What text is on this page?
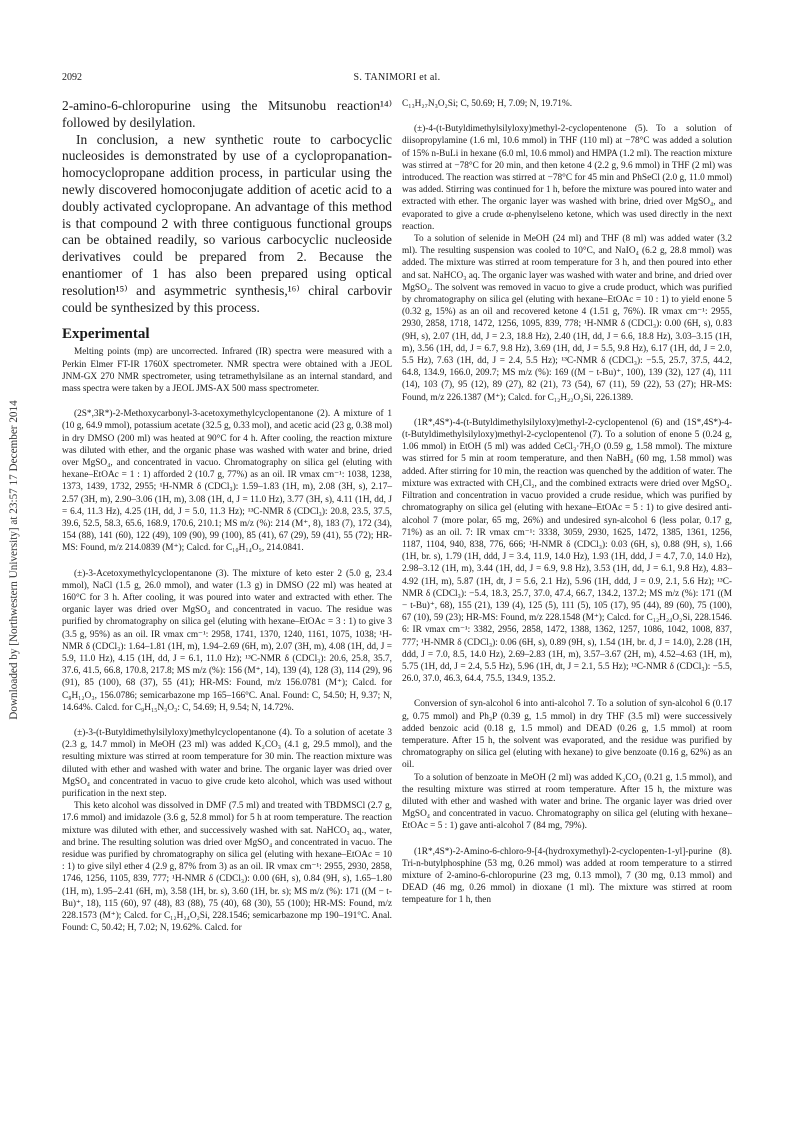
2092	S. TANIMORI et al.
Downloaded by [Northwestern University] at 23:57 17 December 2014

2-amino-6-chloropurine using the Mitsunobu reaction¹⁴⁾ followed by desilylation.

In conclusion, a new synthetic route to carbocyclic nucleosides is demonstrated by use of a cyclopropanation-homocyclopropane addition process, in particular using the newly discovered homoconjugate addition of acetic acid to a doubly activated cyclopropane. An advantage of this method is that compound 2 with three contiguous functional groups can be obtained readily, so various carbocyclic nucleoside derivatives could be prepared from 2. Because the enantiomer of 1 has also been prepared using optical resolution¹⁵⁾ and asymmetric synthesis,¹⁶⁾ chiral carbovir could be synthesized by this process.

Experimental

Melting points (mp) are uncorrected. Infrared (IR) spectra were measured with a Perkin Elmer FT-IR 1760X spectrometer. NMR spectra were obtained with a JEOL JNM-GX 270 NMR spectrometer, using tetramethylsilane as an internal standard, and mass spectra were taken by a JEOL JMS-AX 500 mass spectrometer.

(2S*,3R*)-2-Methoxycarbonyl-3-acetoxymethylcyclopentanone (2). A mixture of 1 (10 g, 64.9 mmol), potassium acetate (32.5 g, 0.33 mol), and acetic acid (23 g, 0.38 mol) in dry DMSO (200 ml) was heated at 90°C for 4 h. After cooling, the reaction mixture was diluted with ether, and the organic phase was washed with water and brine, dried over MgSO₄, and concentrated in vacuo. Chromatography on silica gel (eluting with hexane–EtOAc = 1 : 1) afforded 2 (10.7 g, 77%) as an oil. IR νmax cm⁻¹: 1038, 1238, 1373, 1439, 1732, 2955; ¹H-NMR δ (CDCl₃): 1.59–1.83 (1H, m), 2.08 (3H, s), 2.17–2.57 (3H, m), 2.90–3.06 (1H, m), 3.08 (1H, d, J = 11.0 Hz), 3.77 (3H, s), 4.11 (1H, dd, J = 6.4, 11.3 Hz), 4.25 (1H, dd, J = 5.0, 11.3 Hz); ¹³C-NMR δ (CDCl₃): 20.8, 23.5, 37.5, 39.6, 52.5, 58.3, 65.6, 168.9, 170.6, 210.1; MS m/z (%): 214 (M⁺, 8), 183 (7), 172 (34), 154 (88), 141 (60), 122 (49), 109 (90), 99 (100), 85 (41), 67 (29), 59 (41), 55 (72); HR-MS: Found, m/z 214.0839 (M⁺); Calcd. for C₁₀H₁₄O₅, 214.0841.

(±)-3-Acetoxymethylcyclopentanone (3). The mixture of keto ester 2 (5.0 g, 23.4 mmol), NaCl (1.5 g, 26.0 mmol), and water (1.3 g) in DMSO (22 ml) was heated at 160°C for 3 h. After cooling, it was poured into water and extracted with ether. The organic layer was dried over MgSO₄ and concentrated in vacuo. The residue was purified by chromatography on silica gel (eluting with hexane–EtOAc = 3 : 1) to give 3 (3.5 g, 95%) as an oil. IR νmax cm⁻¹: 2958, 1741, 1370, 1240, 1161, 1075, 1038; ¹H-NMR δ (CDCl₃): 1.64–1.81 (1H, m), 1.94–2.69 (6H, m), 2.07 (3H, m), 4.08 (1H, dd, J = 5.9, 11.0 Hz), 4.15 (1H, dd, J = 6.1, 11.0 Hz); ¹³C-NMR δ (CDCl₃): 20.6, 25.8, 35.7, 37.6, 41.5, 66.8, 170.8, 217.8; MS m/z (%): 156 (M⁺, 14), 139 (4), 128 (3), 114 (29), 96 (91), 85 (100), 68 (37), 55 (41); HR-MS: Found, m/z 156.0781 (M⁺); Calcd. for C₈H₁₂O₃, 156.0786; semicarbazone mp 165–166°C. Anal. Found: C, 54.50; H, 9.37; N, 14.64%. Calcd. for C₉H₁₅N₃O₃: C, 54.69; H, 9.54; N, 14.72%.

(±)-3-(t-Butyldimethylsilyloxy)methylcyclopentanone (4). To a solution of acetate 3 (2.3 g, 14.7 mmol) in MeOH (23 ml) was added K₂CO₃ (4.1 g, 29.5 mmol), and the resulting mixture was stirred at room temperature for 30 min. The reaction mixture was diluted with ether and washed with water and brine. The organic layer was dried over MgSO₄ and concentrated in vacuo to give crude keto alcohol, which was used without purification in the next step.

This keto alcohol was dissolved in DMF (7.5 ml) and treated with TBDMSCl (2.7 g, 17.6 mmol) and imidazole (3.6 g, 52.8 mmol) for 5 h at room temperature. The reaction mixture was diluted with ether, and successively washed with sat. NaHCO₃ aq., water, and brine. The resulting solution was dried over MgSO₄ and concentrated in vacuo. The residue was purified by chromatography on silica gel (eluting with hexane–EtOAc = 10 : 1) to give silyl ether 4 (2.9 g, 87% from 3) as an oil. IR νmax cm⁻¹: 2955, 2930, 2858, 1746, 1256, 1105, 839, 777; ¹H-NMR δ (CDCl₃): 0.00 (6H, s), 0.84 (9H, s), 1.65–1.80 (1H, m), 1.95–2.41 (6H, m), 3.58 (1H, br. s), 3.60 (1H, br. s); MS m/z (%): 171 ((M − t-Bu)⁺, 18), 115 (60), 97 (48), 83 (88), 75 (40), 68 (30), 55 (100); HR-MS: Found, m/z 228.1573 (M⁺); Calcd. for C₁₂H₂₄O₂Si, 228.1546; semicarbazone mp 190–191°C. Anal. Found: C, 50.42; H, 7.02; N, 19.62%. Calcd. for

C₁₃H₂₇N₃O₂Si; C, 50.69; H, 7.09; N, 19.71%.

(±)-4-(t-Butyldimethylsilyloxy)methyl-2-cyclopentenone (5). To a solution of diisopropylamine (1.6 ml, 10.6 mmol) in THF (110 ml) at −78°C was added a solution of 15% n-BuLi in hexane (6.0 ml, 10.6 mmol) and HMPA (1.2 ml). The reaction mixture was stirred at −78°C for 20 min, and then ketone 4 (2.2 g, 9.6 mmol) in THF (2 ml) was introduced. The reaction was stirred at −78°C for 45 min and PhSeCl (2.0 g, 11.0 mmol) was added. Stirring was continued for 1 h, before the mixture was poured into water and extracted with ether. The organic layer was washed with brine, dried over MgSO₄, and evaporated to give a crude α-phenylseleno ketone, which was used directly in the next reaction.

To a solution of selenide in MeOH (24 ml) and THF (8 ml) was added water (3.2 ml). The resulting suspension was cooled to 10°C, and NaIO₄ (6.2 g, 28.8 mmol) was added. The mixture was stirred at room temperature for 3 h, and then poured into ether and sat. NaHCO₃ aq. The organic layer was washed with water and brine, and dried over MgSO₄. The solvent was removed in vacuo to give a crude product, which was purified by chromatography on silica gel (eluting with hexane–EtOAc = 10 : 1) to yield enone 5 (0.32 g, 15%) as an oil and recovered ketone 4 (1.51 g, 76%). IR νmax cm⁻¹: 2955, 2930, 2858, 1718, 1472, 1256, 1095, 839, 778; ¹H-NMR δ (CDCl₃): 0.00 (6H, s), 0.83 (9H, s), 2.07 (1H, dd, J = 2.3, 18.8 Hz), 2.40 (1H, dd, J = 6.6, 18.8 Hz), 3.03–3.15 (1H, m), 3.56 (1H, dd, J = 6.7, 9.8 Hz), 3.69 (1H, dd, J = 5.5, 9.8 Hz), 6.17 (1H, dd, J = 2.0, 5.5 Hz), 7.63 (1H, dd, J = 2.4, 5.5 Hz); ¹³C-NMR δ (CDCl₃): −5.5, 25.7, 37.5, 44.2, 64.8, 134.9, 166.0, 209.7; MS m/z (%): 169 ((M − t-Bu)⁺, 100), 139 (32), 127 (4), 111 (14), 103 (7), 95 (12), 89 (27), 82 (21), 73 (54), 67 (11), 59 (22), 53 (27); HR-MS: Found, m/z 226.1387 (M⁺); Calcd. for C₁₂H₂₂O₂Si, 226.1389.

(1R*,4S*)-4-(t-Butyldimethylsilyloxy)methyl-2-cyclopentenol (6) and (1S*,4S*)-4-(t-Butyldimethylsilyloxy)methyl-2-cyclopentenol (7). To a solution of enone 5 (0.24 g, 1.06 mmol) in EtOH (5 ml) was added CeCl₃·7H₂O (0.59 g, 1.58 mmol). The mixture was stirred for 5 min at room temperature, and then NaBH₄ (60 mg, 1.58 mmol) was added. After stirring for 10 min, the reaction was quenched by the addition of water. The mixture was extracted with CH₂Cl₂, and the combined extracts were dried over MgSO₄. Filtration and concentration in vacuo provided a crude residue, which was purified by chromatography on silica gel (eluting with hexane–EtOAc = 5 : 1) to give desired anti-alcohol 7 (more polar, 65 mg, 26%) and undesired syn-alcohol 6 (less polar, 0.17 g, 71%) as an oil. 7: IR νmax cm⁻¹: 3338, 3059, 2930, 1625, 1472, 1385, 1361, 1256, 1187, 1104, 940, 838, 776, 666; ¹H-NMR δ (CDCl₃): 0.03 (6H, s), 0.88 (9H, s), 1.66 (1H, br. s), 1.79 (1H, ddd, J = 3.4, 11.9, 14.0 Hz), 1.93 (1H, ddd, J = 4.7, 7.0, 14.0 Hz), 2.98–3.12 (1H, m), 3.44 (1H, dd, J = 6.9, 9.8 Hz), 3.53 (1H, dd, J = 6.1, 9.8 Hz), 4.83–4.92 (1H, m), 5.87 (1H, dt, J = 5.6, 2.1 Hz), 5.96 (1H, ddd, J = 0.9, 2.1, 5.6 Hz); ¹³C-NMR δ (CDCl₃): −5.4, 18.3, 25.7, 37.0, 47.4, 66.7, 134.2, 137.2; MS m/z (%): 171 ((M − t-Bu)⁺, 68), 155 (21), 139 (4), 125 (5), 111 (5), 105 (17), 95 (44), 89 (60), 75 (100), 67 (10), 59 (23); HR-MS: Found, m/z 228.1548 (M⁺); Calcd. for C₁₂H₂₄O₂Si, 228.1546. 6: IR νmax cm⁻¹: 3382, 2956, 2858, 1472, 1388, 1362, 1257, 1086, 1042, 1008, 837, 777; ¹H-NMR δ (CDCl₃): 0.06 (6H, s), 0.89 (9H, s), 1.54 (1H, br. d, J = 14.0), 2.28 (1H, ddd, J = 7.0, 8.5, 14.0 Hz), 2.69–2.83 (1H, m), 3.57–3.67 (2H, m), 4.52–4.63 (1H, m), 5.75 (1H, dd, J = 2.4, 5.5 Hz), 5.96 (1H, dt, J = 2.1, 5.5 Hz); ¹³C-NMR δ (CDCl₃): −5.5, 26.0, 37.0, 46.3, 64.4, 75.5, 134.9, 135.2.

Conversion of syn-alcohol 6 into anti-alcohol 7. To a solution of syn-alcohol 6 (0.17 g, 0.75 mmol) and Ph₃P (0.39 g, 1.5 mmol) in dry THF (3.5 ml) were successively added benzoic acid (0.18 g, 1.5 mmol) and DEAD (0.26 g, 1.5 mmol) at room temperature. After 15 h, the solvent was evaporated, and the residue was purified by chromatography on silica gel (eluting with hexane) to give benzoate (0.16 g, 62%) as an oil.

To a solution of benzoate in MeOH (2 ml) was added K₂CO₃ (0.21 g, 1.5 mmol), and the resulting mixture was stirred at room temperature. After 15 h, the mixture was diluted with ether and washed with water and brine. The organic layer was dried over MgSO₄ and concentrated in vacuo. Chromatography on silica gel (eluting with hexane–EtOAc = 5 : 1) gave anti-alcohol 7 (84 mg, 79%).

(1R*,4S*)-2-Amino-6-chloro-9-[4-(hydroxymethyl)-2-cyclopenten-1-yl]-purine (8). Tri-n-butylphosphine (53 mg, 0.26 mmol) was added at room temperature to a stirred mixture of 2-amino-6-chloropurine (23 mg, 0.13 mmol), 7 (30 mg, 0.13 mmol) and DEAD (46 mg, 0.26 mmol) in dioxane (1 ml). The mixture was stirred at room tempeature for 1 h, then
